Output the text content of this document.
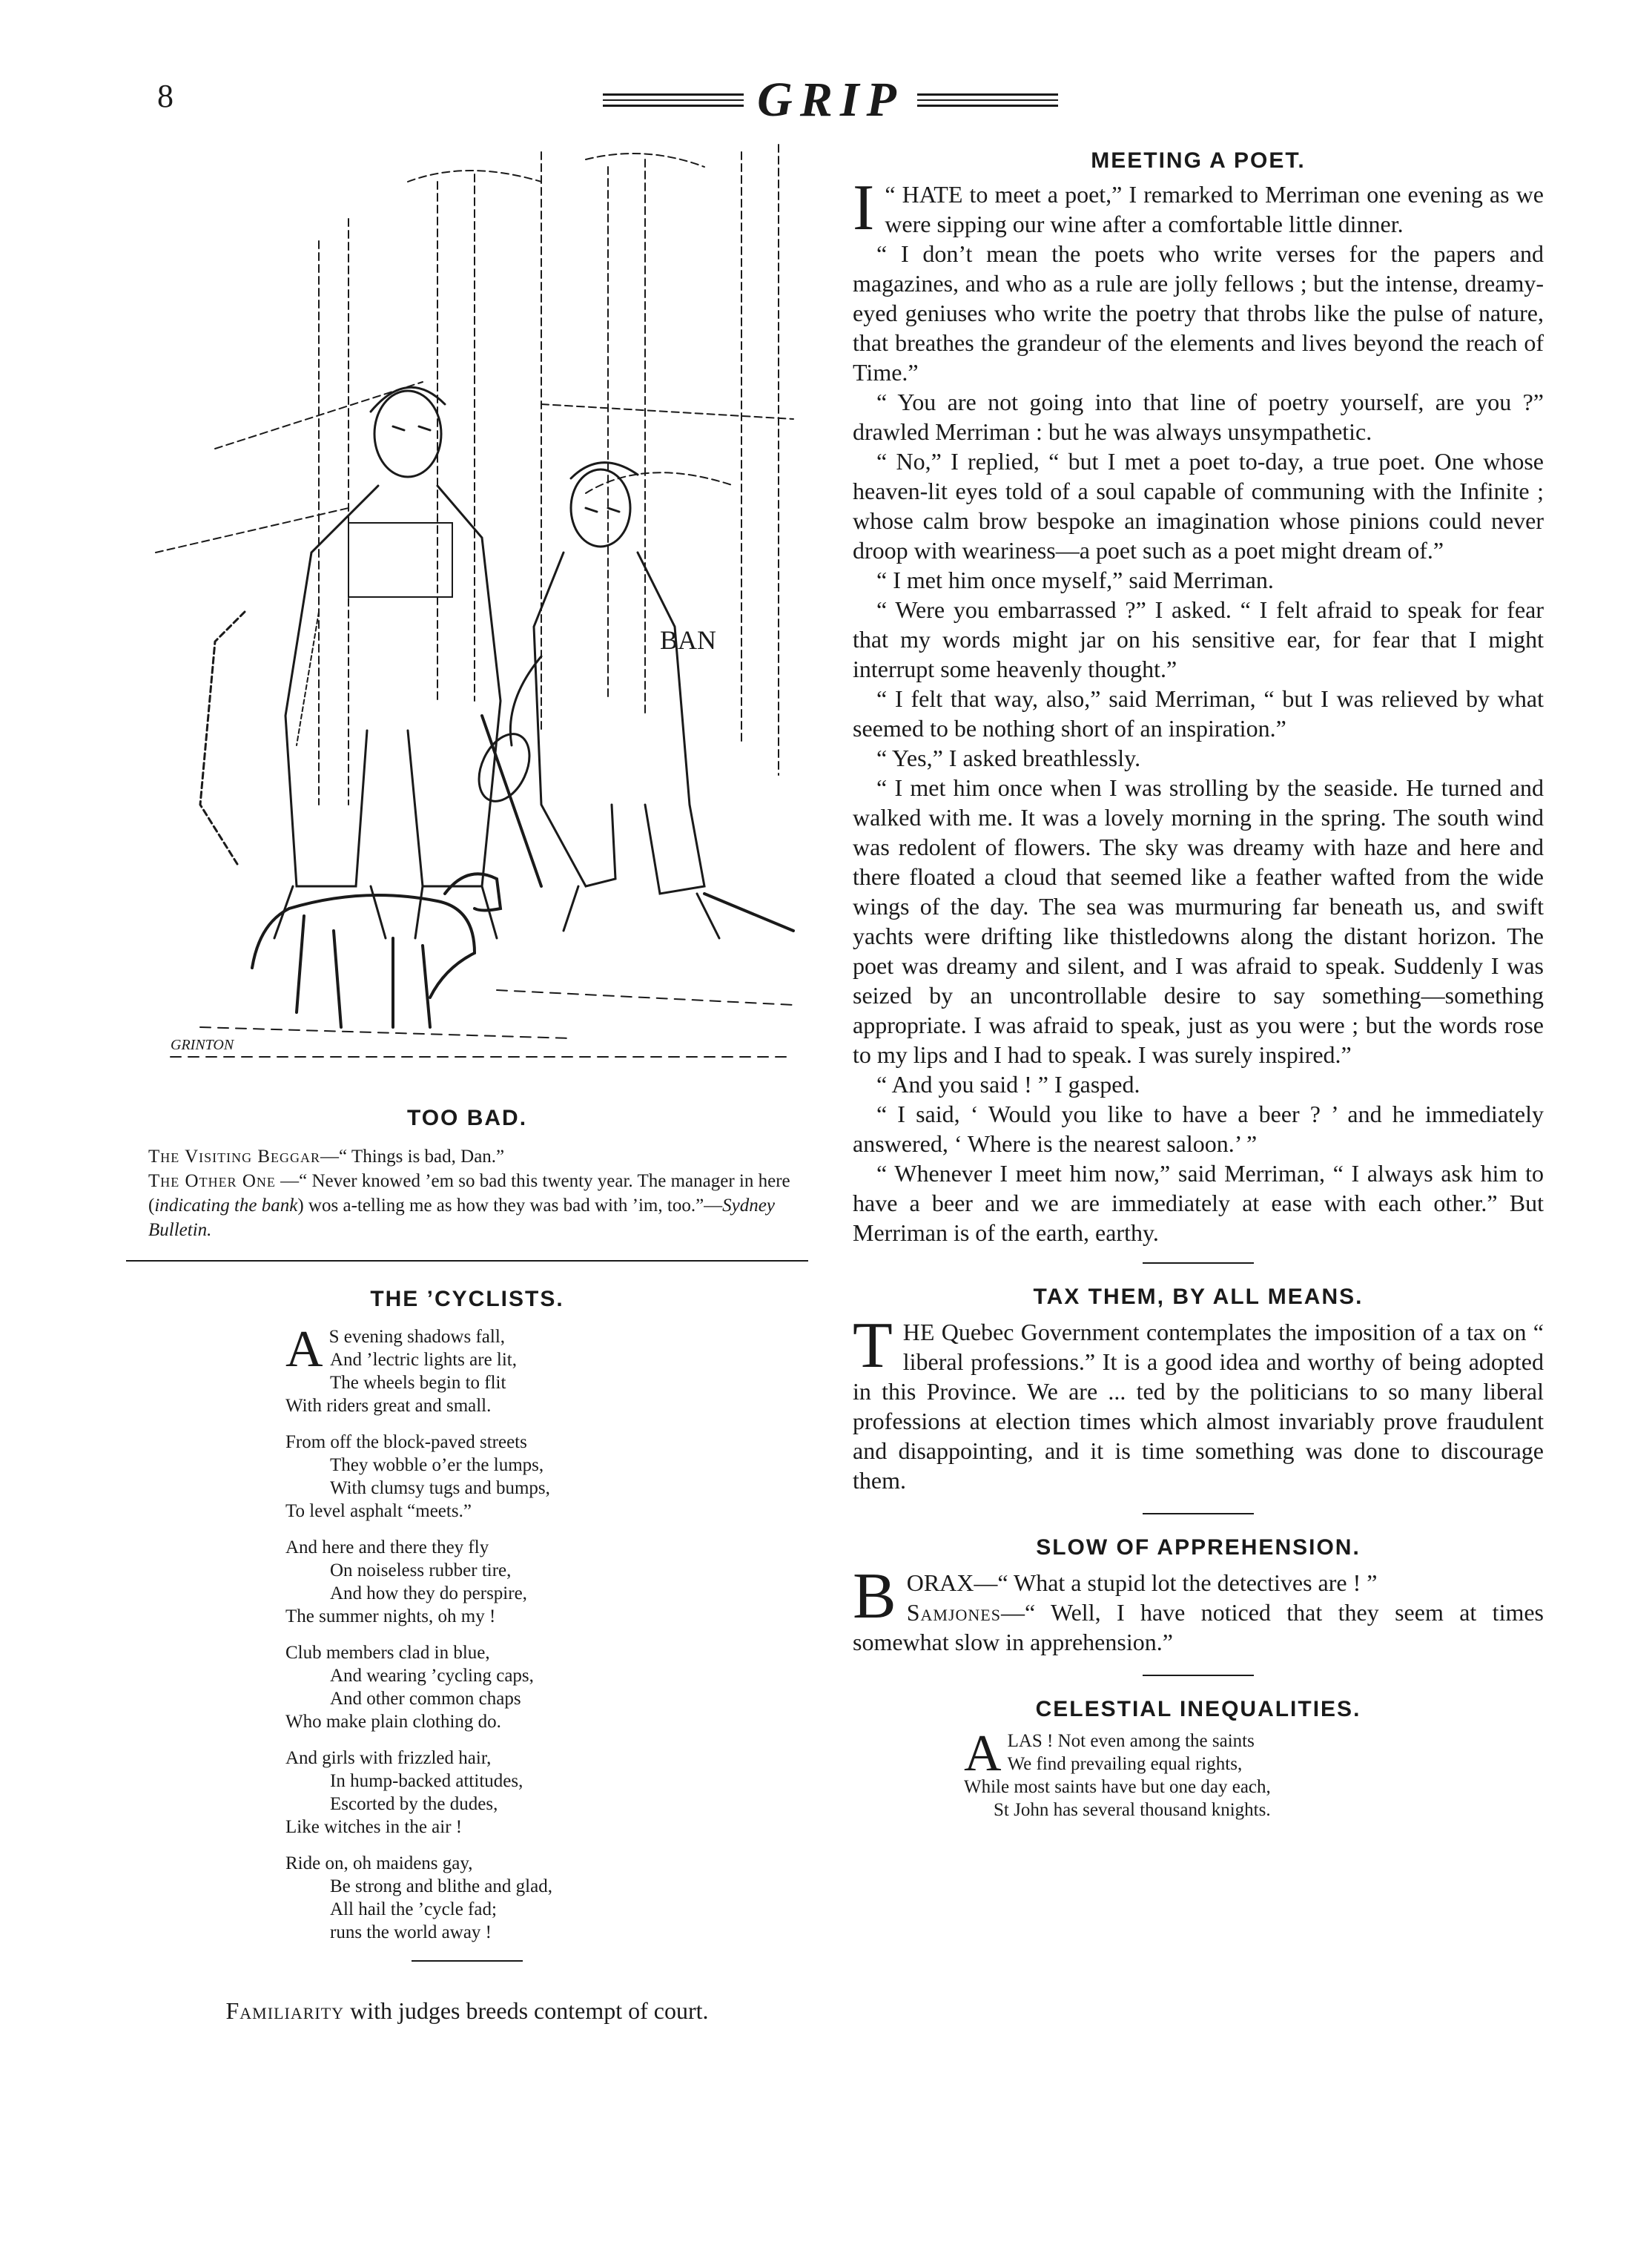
8	GRIP
BAN
GRINTON
TOO BAD.

The Visiting Beggar—“ Things is bad, Dan.”

The Other One —“ Never knowed ’em so bad this twenty year. The manager in here (indicating the bank) wos a-telling me as how they was bad with ’im, too.”—Sydney Bulletin.

THE ’CYCLISTS.
A S evening shadows fall,
And ’lectric lights are lit,
The wheels begin to flit
With riders great and small.
From off the block-paved streets
They wobble o’er the lumps,
With clumsy tugs and bumps,
To level asphalt “meets.”
And here and there they fly
On noiseless rubber tire,
And how they do perspire,
The summer nights, oh my !
Club members clad in blue,
And wearing ’cycling caps,
And other common chaps
Who make plain clothing do.
And girls with frizzled hair,
In hump-backed attitudes,
Escorted by the dudes,
Like witches in the air !
Ride on, oh maidens gay,
Be strong and blithe and glad,
All hail the ’cycle fad;
runs the world away !
Familiarity with judges breeds contempt of court.
MEETING A POET.

“
I HATE to meet a poet,” I remarked to Merriman one evening as we were sipping our wine after a comfortable little dinner.

“ I don’t mean the poets who write verses for the papers and magazines, and who as a rule are jolly fellows ; but the intense, dreamy-eyed geniuses who write the poetry that throbs like the pulse of nature, that breathes the grandeur of the elements and lives beyond the reach of Time.”

“ You are not going into that line of poetry yourself, are you ?” drawled Merriman : but he was always unsympathetic.

“ No,” I replied, “ but I met a poet to-day, a true poet. One whose heaven-lit eyes told of a soul capable of communing with the Infinite ; whose calm brow bespoke an imagination whose pinions could never droop with weariness—a poet such as a poet might dream of.”

“ I met him once myself,” said Merriman.

“ Were you embarrassed ?” I asked. “ I felt afraid to speak for fear that my words might jar on his sensitive ear, for fear that I might interrupt some heavenly thought.”

“ I felt that way, also,” said Merriman, “ but I was relieved by what seemed to be nothing short of an inspiration.”

“ Yes,” I asked breathlessly.

“ I met him once when I was strolling by the seaside. He turned and walked with me. It was a lovely morning in the spring. The south wind was redolent of flowers. The sky was dreamy with haze and here and there floated a cloud that seemed like a feather wafted from the wide wings of the day. The sea was murmuring far beneath us, and swift yachts were drifting like thistledowns along the distant horizon. The poet was dreamy and silent, and I was afraid to speak. Suddenly I was seized by an uncontrollable desire to say something—something appropriate. I was afraid to speak, just as you were ; but the words rose to my lips and I had to speak. I was surely inspired.”

“ And you said ! ” I gasped.

“ I said, ‘ Would you like to have a beer ? ’ and he immediately answered, ‘ Where is the nearest saloon.’ ”

“ Whenever I meet him now,” said Merriman, “ I always ask him to have a beer and we are immediately at ease with each other.” But Merriman is of the earth, earthy.

TAX THEM, BY ALL MEANS.

THE Quebec Government contemplates the imposition of a tax on “ liberal professions.” It is a good idea and worthy of being adopted in this Province. We are ... ted by the politicians to so many liberal professions at election times which almost invariably prove fraudulent and disappointing, and it is time something was done to discourage them.

SLOW OF APPREHENSION.

BORAX—“ What a stupid lot the detectives are ! ”
Samjones—“ Well, I have noticed that they seem at times somewhat slow in apprehension.”

CELESTIAL INEQUALITIES.
A LAS ! Not even among the saints
We find prevailing equal rights,
While most saints have but one day each,
St John has several thousand knights.
